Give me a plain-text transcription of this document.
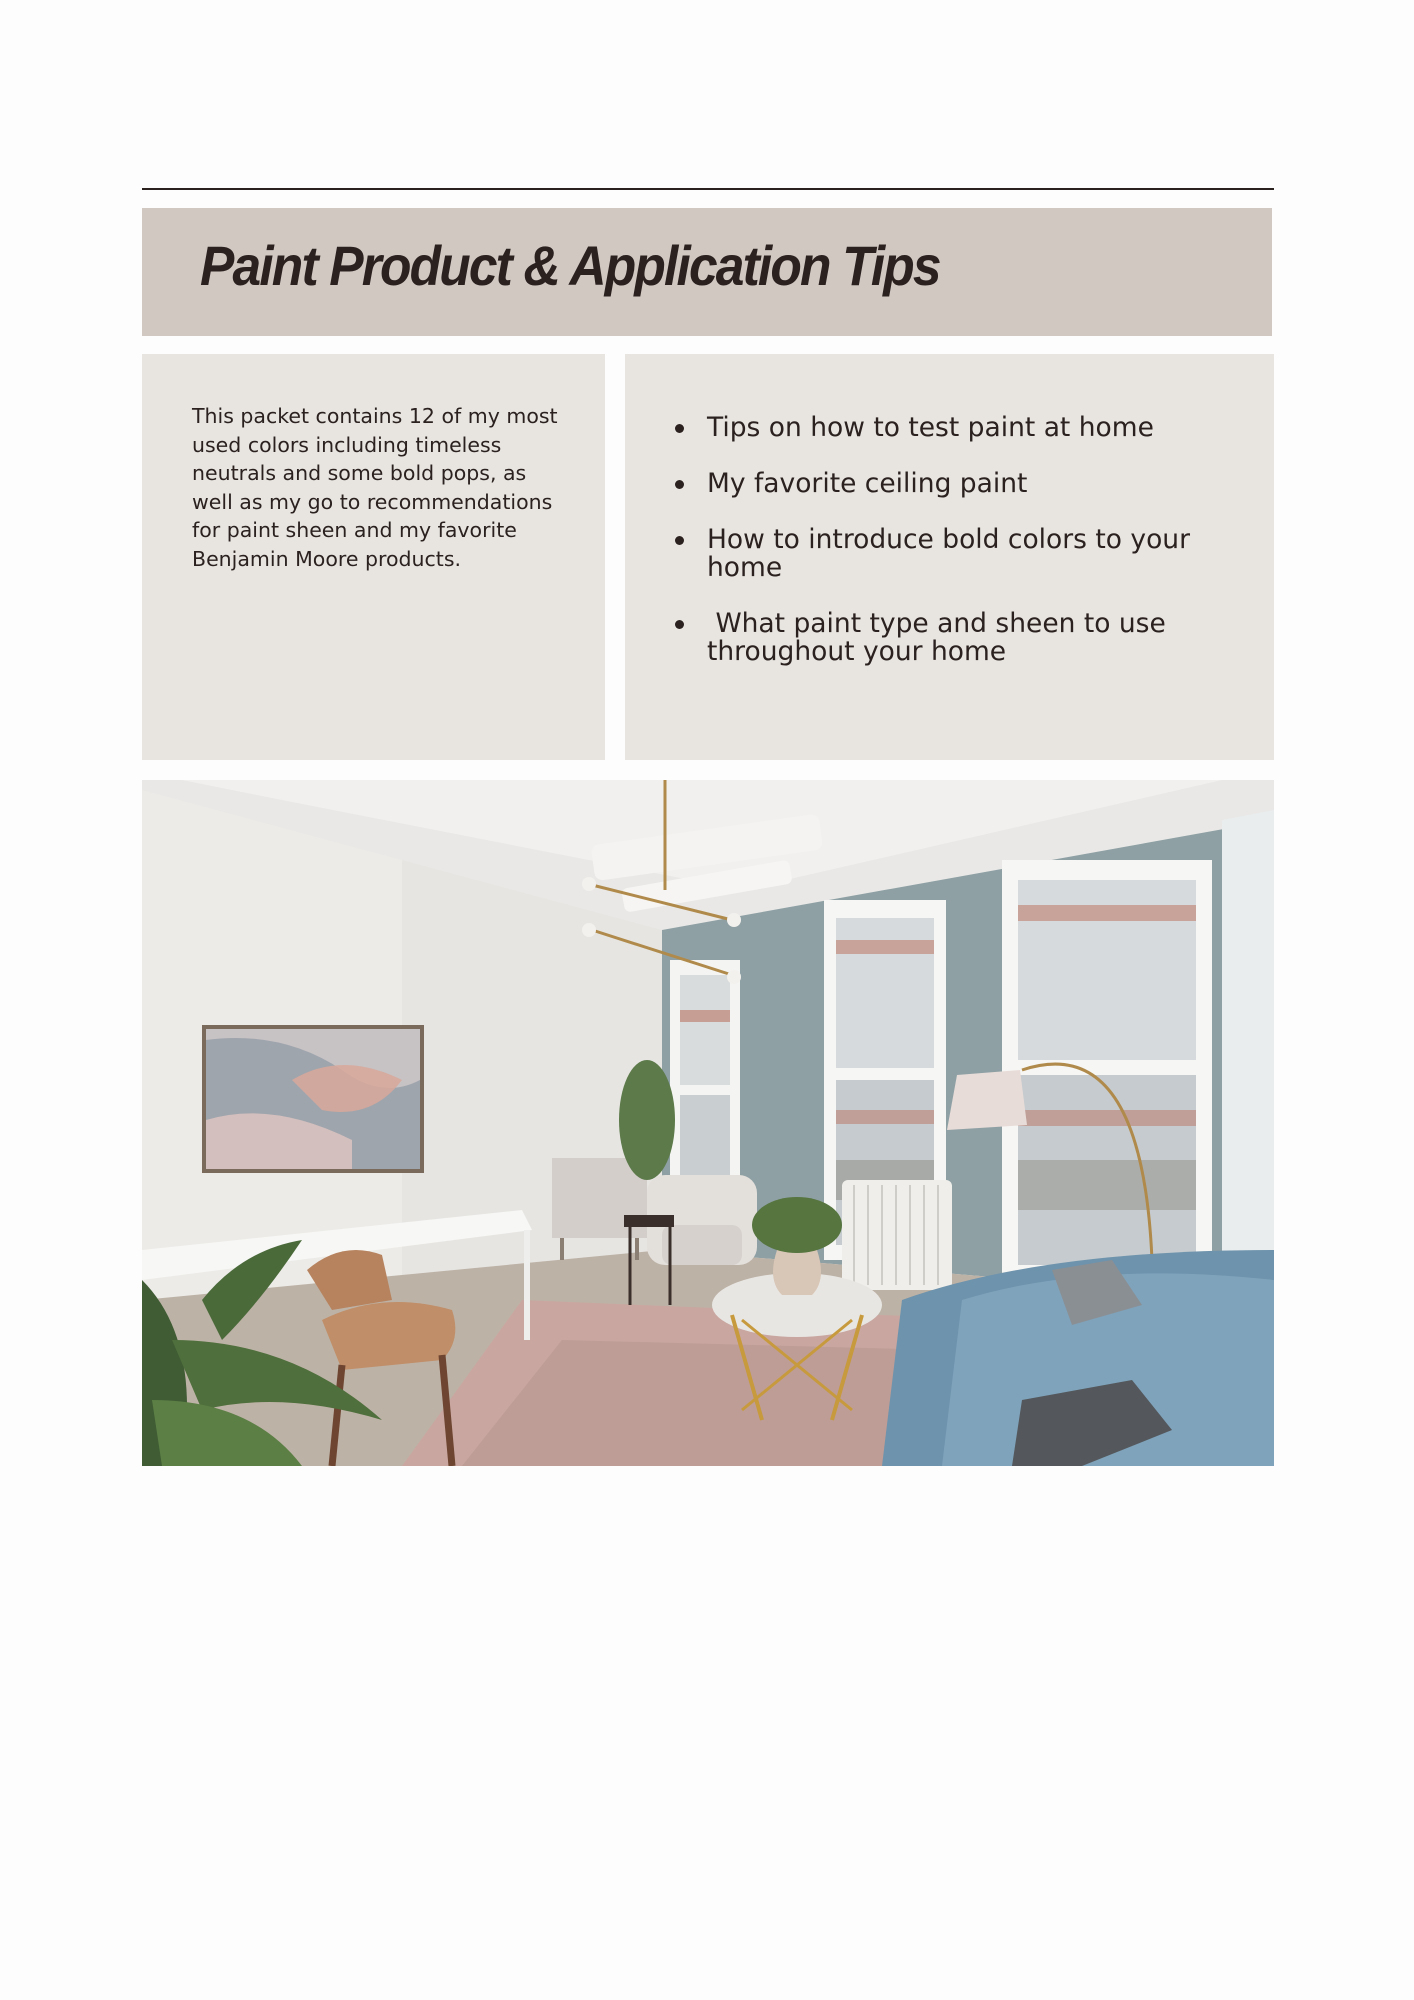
Paint Product & Application Tips

This packet contains 12 of my most used colors including timeless neutrals and some bold pops, as well as my go to recommendations for paint sheen and my favorite Benjamin Moore products.

Tips on how to test paint at home
My favorite ceiling paint
How to introduce bold colors to your home
What paint type and sheen to use throughout your home
